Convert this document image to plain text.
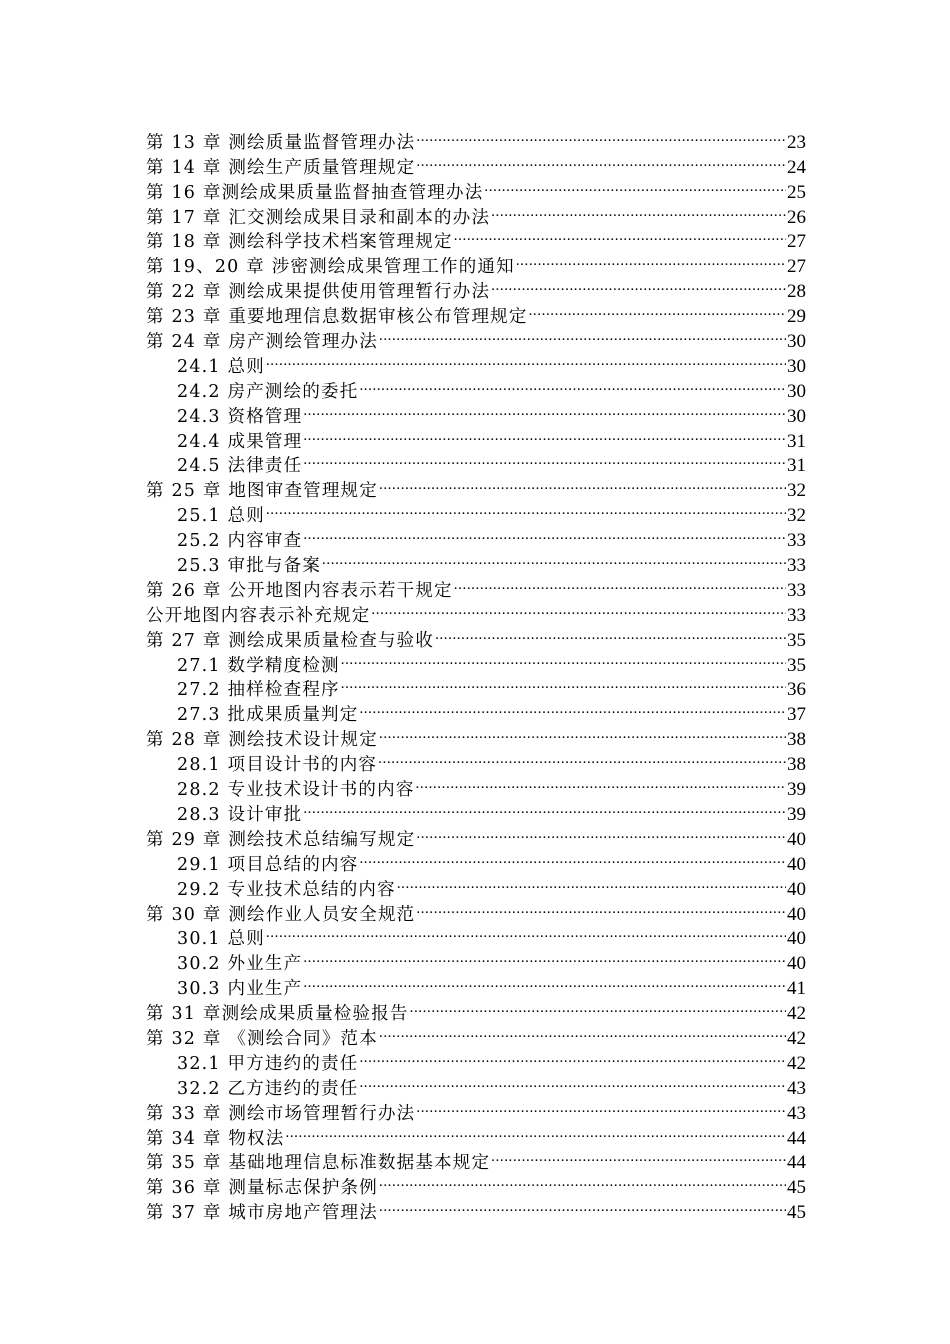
第 13 章 测绘质量监督管理办法 .....	23
第 14 章 测绘生产质量管理规定 .....	24
第 16 章测绘成果质量监督抽查管理办法 .....	25
第 17 章 汇交测绘成果目录和副本的办法 .....	26
第 18 章 测绘科学技术档案管理规定 .....	27
第 19、20 章 涉密测绘成果管理工作的通知 .....	27
第 22 章 测绘成果提供使用管理暂行办法 .....	28
第 23 章 重要地理信息数据审核公布管理规定 .....	29
第 24 章 房产测绘管理办法 .....	30
24.1 总则 .....	30
24.2 房产测绘的委托 .....	30
24.3 资格管理 .....	30
24.4 成果管理 .....	31
24.5 法律责任 .....	31
第 25 章 地图审查管理规定 .....	32
25.1 总则 .....	32
25.2 内容审查 .....	33
25.3 审批与备案 .....	33
第 26 章 公开地图内容表示若干规定 .....	33
公开地图内容表示补充规定 .....	33
第 27 章 测绘成果质量检查与验收 .....	35
27.1 数学精度检测 .....	35
27.2 抽样检查程序 .....	36
27.3 批成果质量判定 .....	37
第 28 章 测绘技术设计规定 .....	38
28.1 项目设计书的内容 .....	38
28.2 专业技术设计书的内容 .....	39
28.3 设计审批 .....	39
第 29 章 测绘技术总结编写规定 .....	40
29.1 项目总结的内容 .....	40
29.2 专业技术总结的内容 .....	40
第 30 章 测绘作业人员安全规范 .....	40
30.1 总则 .....	40
30.2 外业生产 .....	40
30.3 内业生产 .....	41
第 31 章测绘成果质量检验报告 .....	42
第 32 章 《测绘合同》范本 .....	42
32.1 甲方违约的责任 .....	42
32.2 乙方违约的责任 .....	43
第 33 章 测绘市场管理暂行办法 .....	43
第 34 章 物权法 .....	44
第 35 章 基础地理信息标准数据基本规定 .....	44
第 36 章 测量标志保护条例 .....	45
第 37 章 城市房地产管理法 .....	45
